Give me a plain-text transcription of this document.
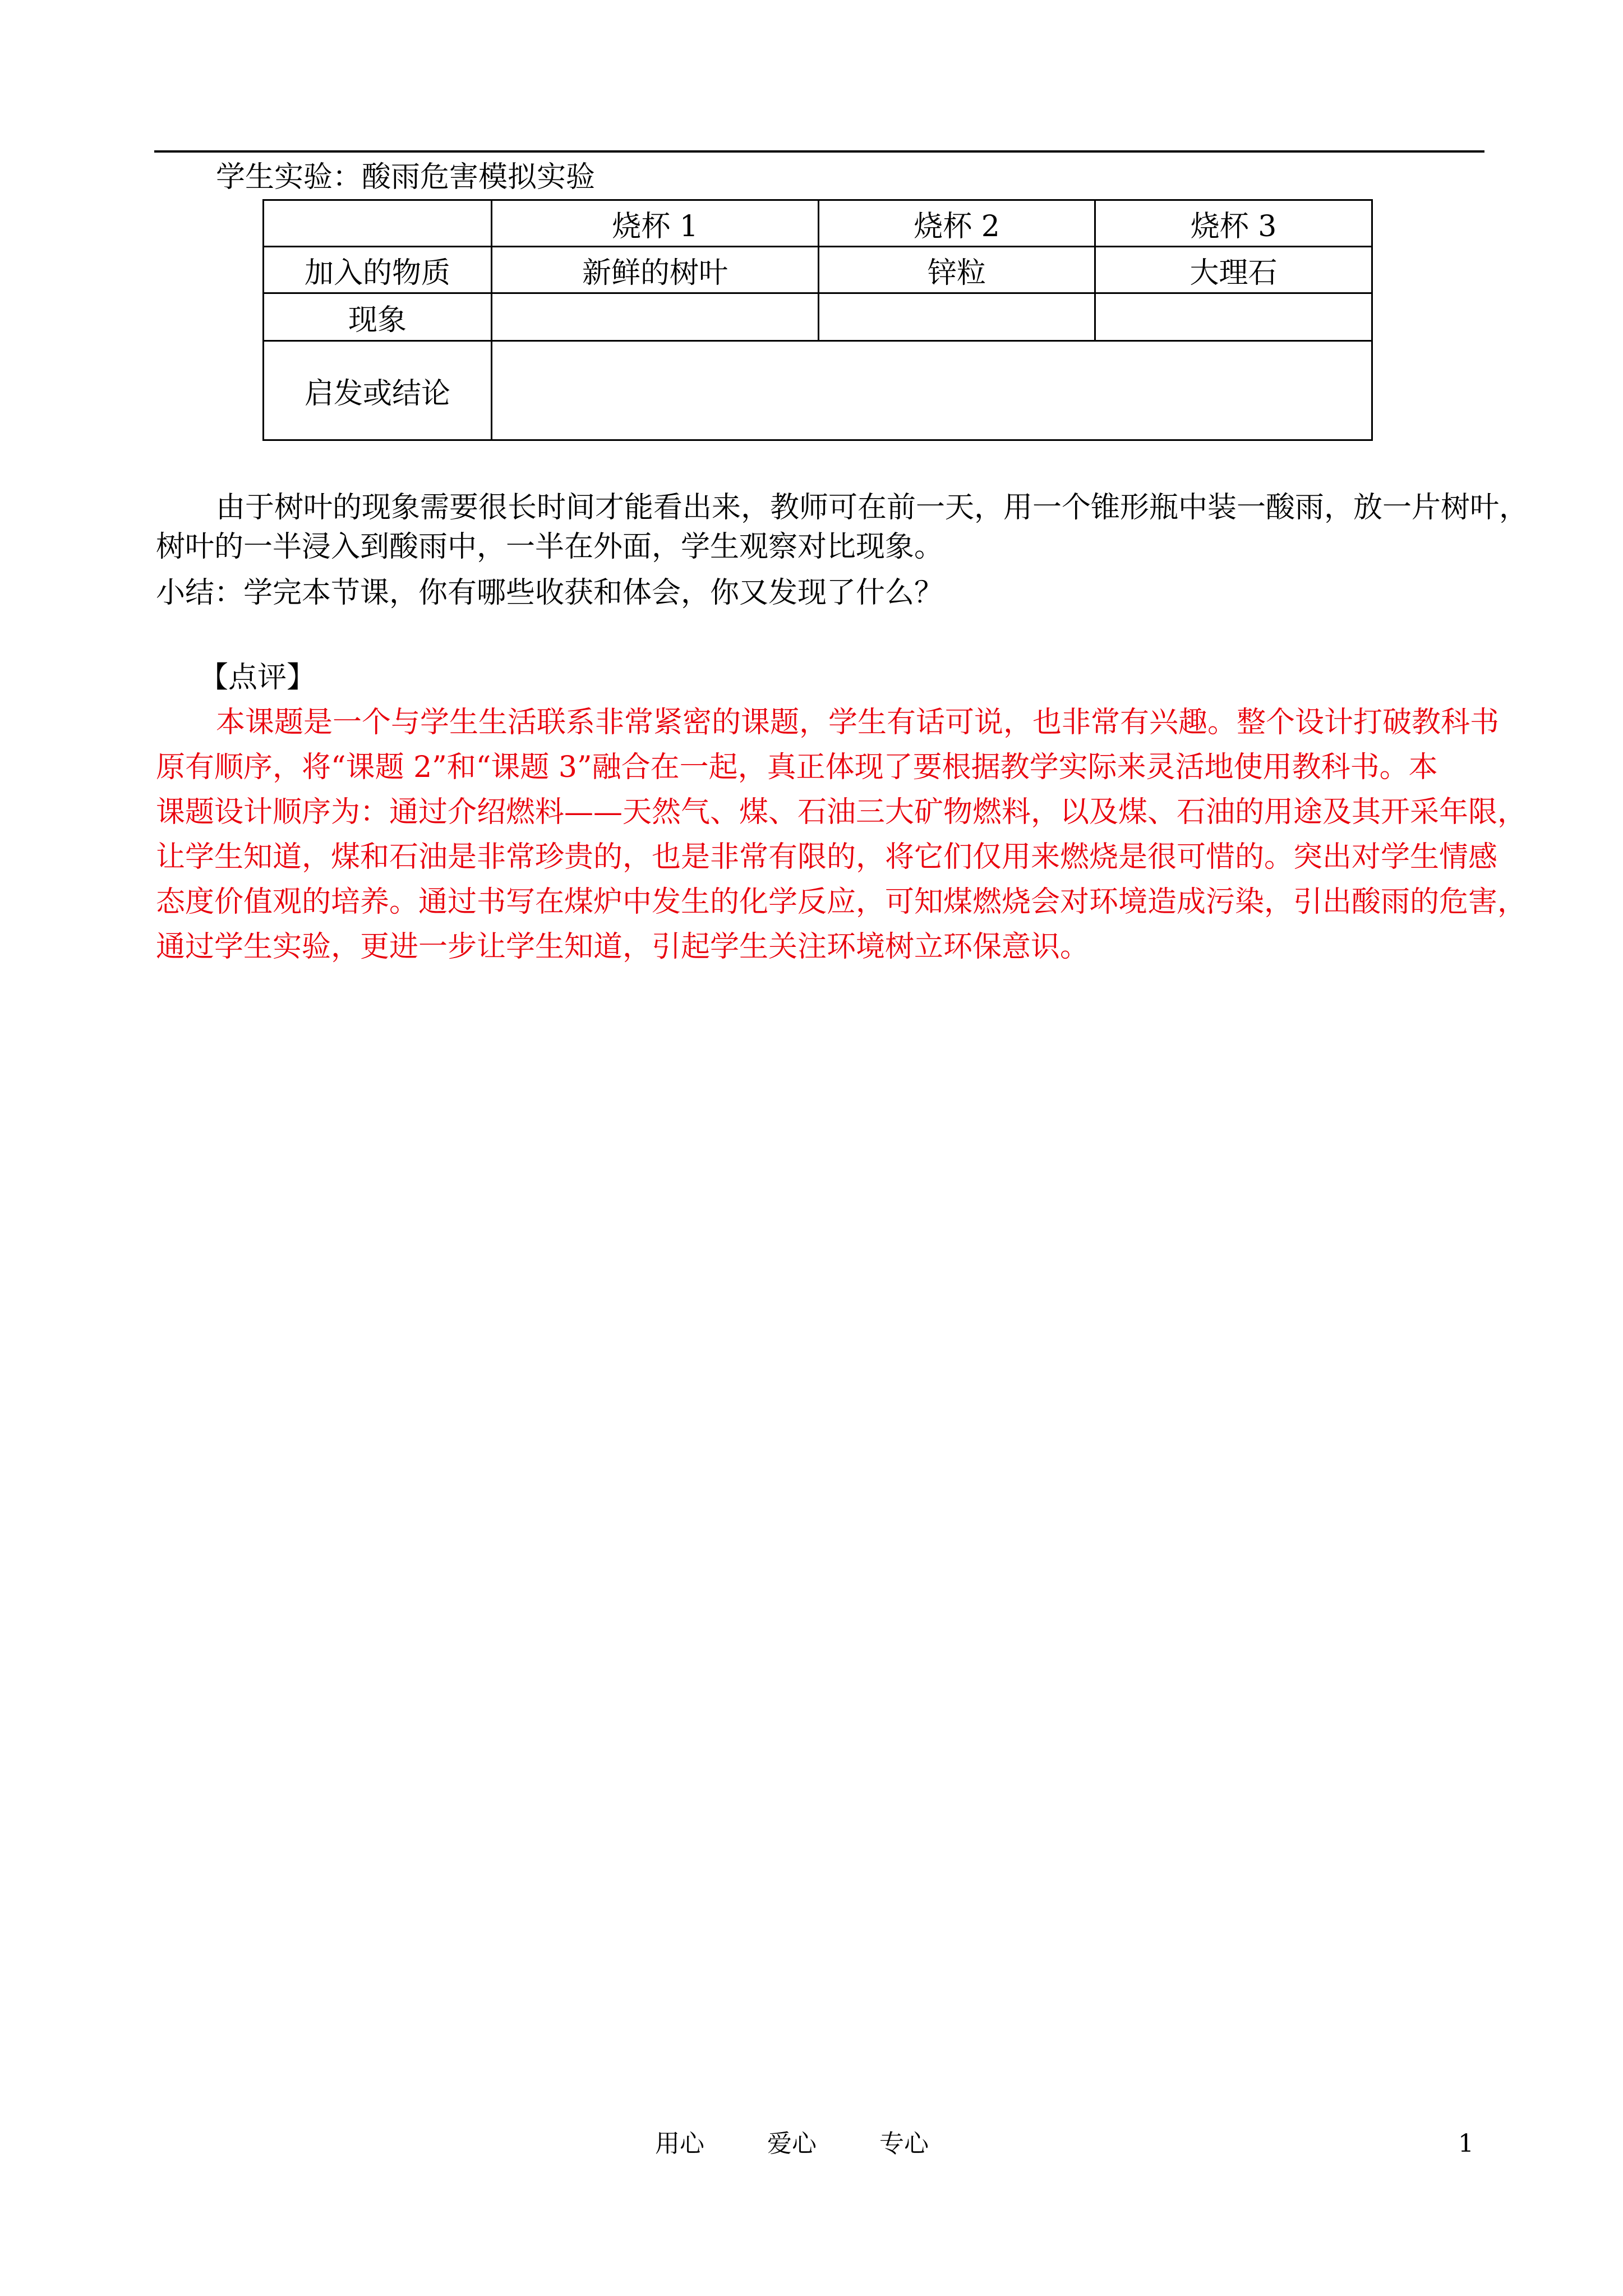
学生实验：酸雨危害模拟实验
	烧杯 1	烧杯 2	烧杯 3
加入的物质	新鲜的树叶	锌粒	大理石
现象			
启发或结论			
由于树叶的现象需要很长时间才能看出来，教师可在前一天，用一个锥形瓶中装一酸雨，放一片树叶，
树叶的一半浸入到酸雨中，一半在外面，学生观察对比现象。
小结：学完本节课，你有哪些收获和体会，你又发现了什么？
【点评】
本课题是一个与学生生活联系非常紧密的课题，学生有话可说，也非常有兴趣。整个设计打破教科书
原有顺序，将“课题 2”和“课题 3”融合在一起，真正体现了要根据教学实际来灵活地使用教科书。本
课题设计顺序为：通过介绍燃料——天然气、煤、石油三大矿物燃料，以及煤、石油的用途及其开采年限，
让学生知道，煤和石油是非常珍贵的，也是非常有限的，将它们仅用来燃烧是很可惜的。突出对学生情感
态度价值观的培养。通过书写在煤炉中发生的化学反应，可知煤燃烧会对环境造成污染，引出酸雨的危害，
通过学生实验，更进一步让学生知道，引起学生关注环境树立环保意识。
用心	爱心	专心	1
